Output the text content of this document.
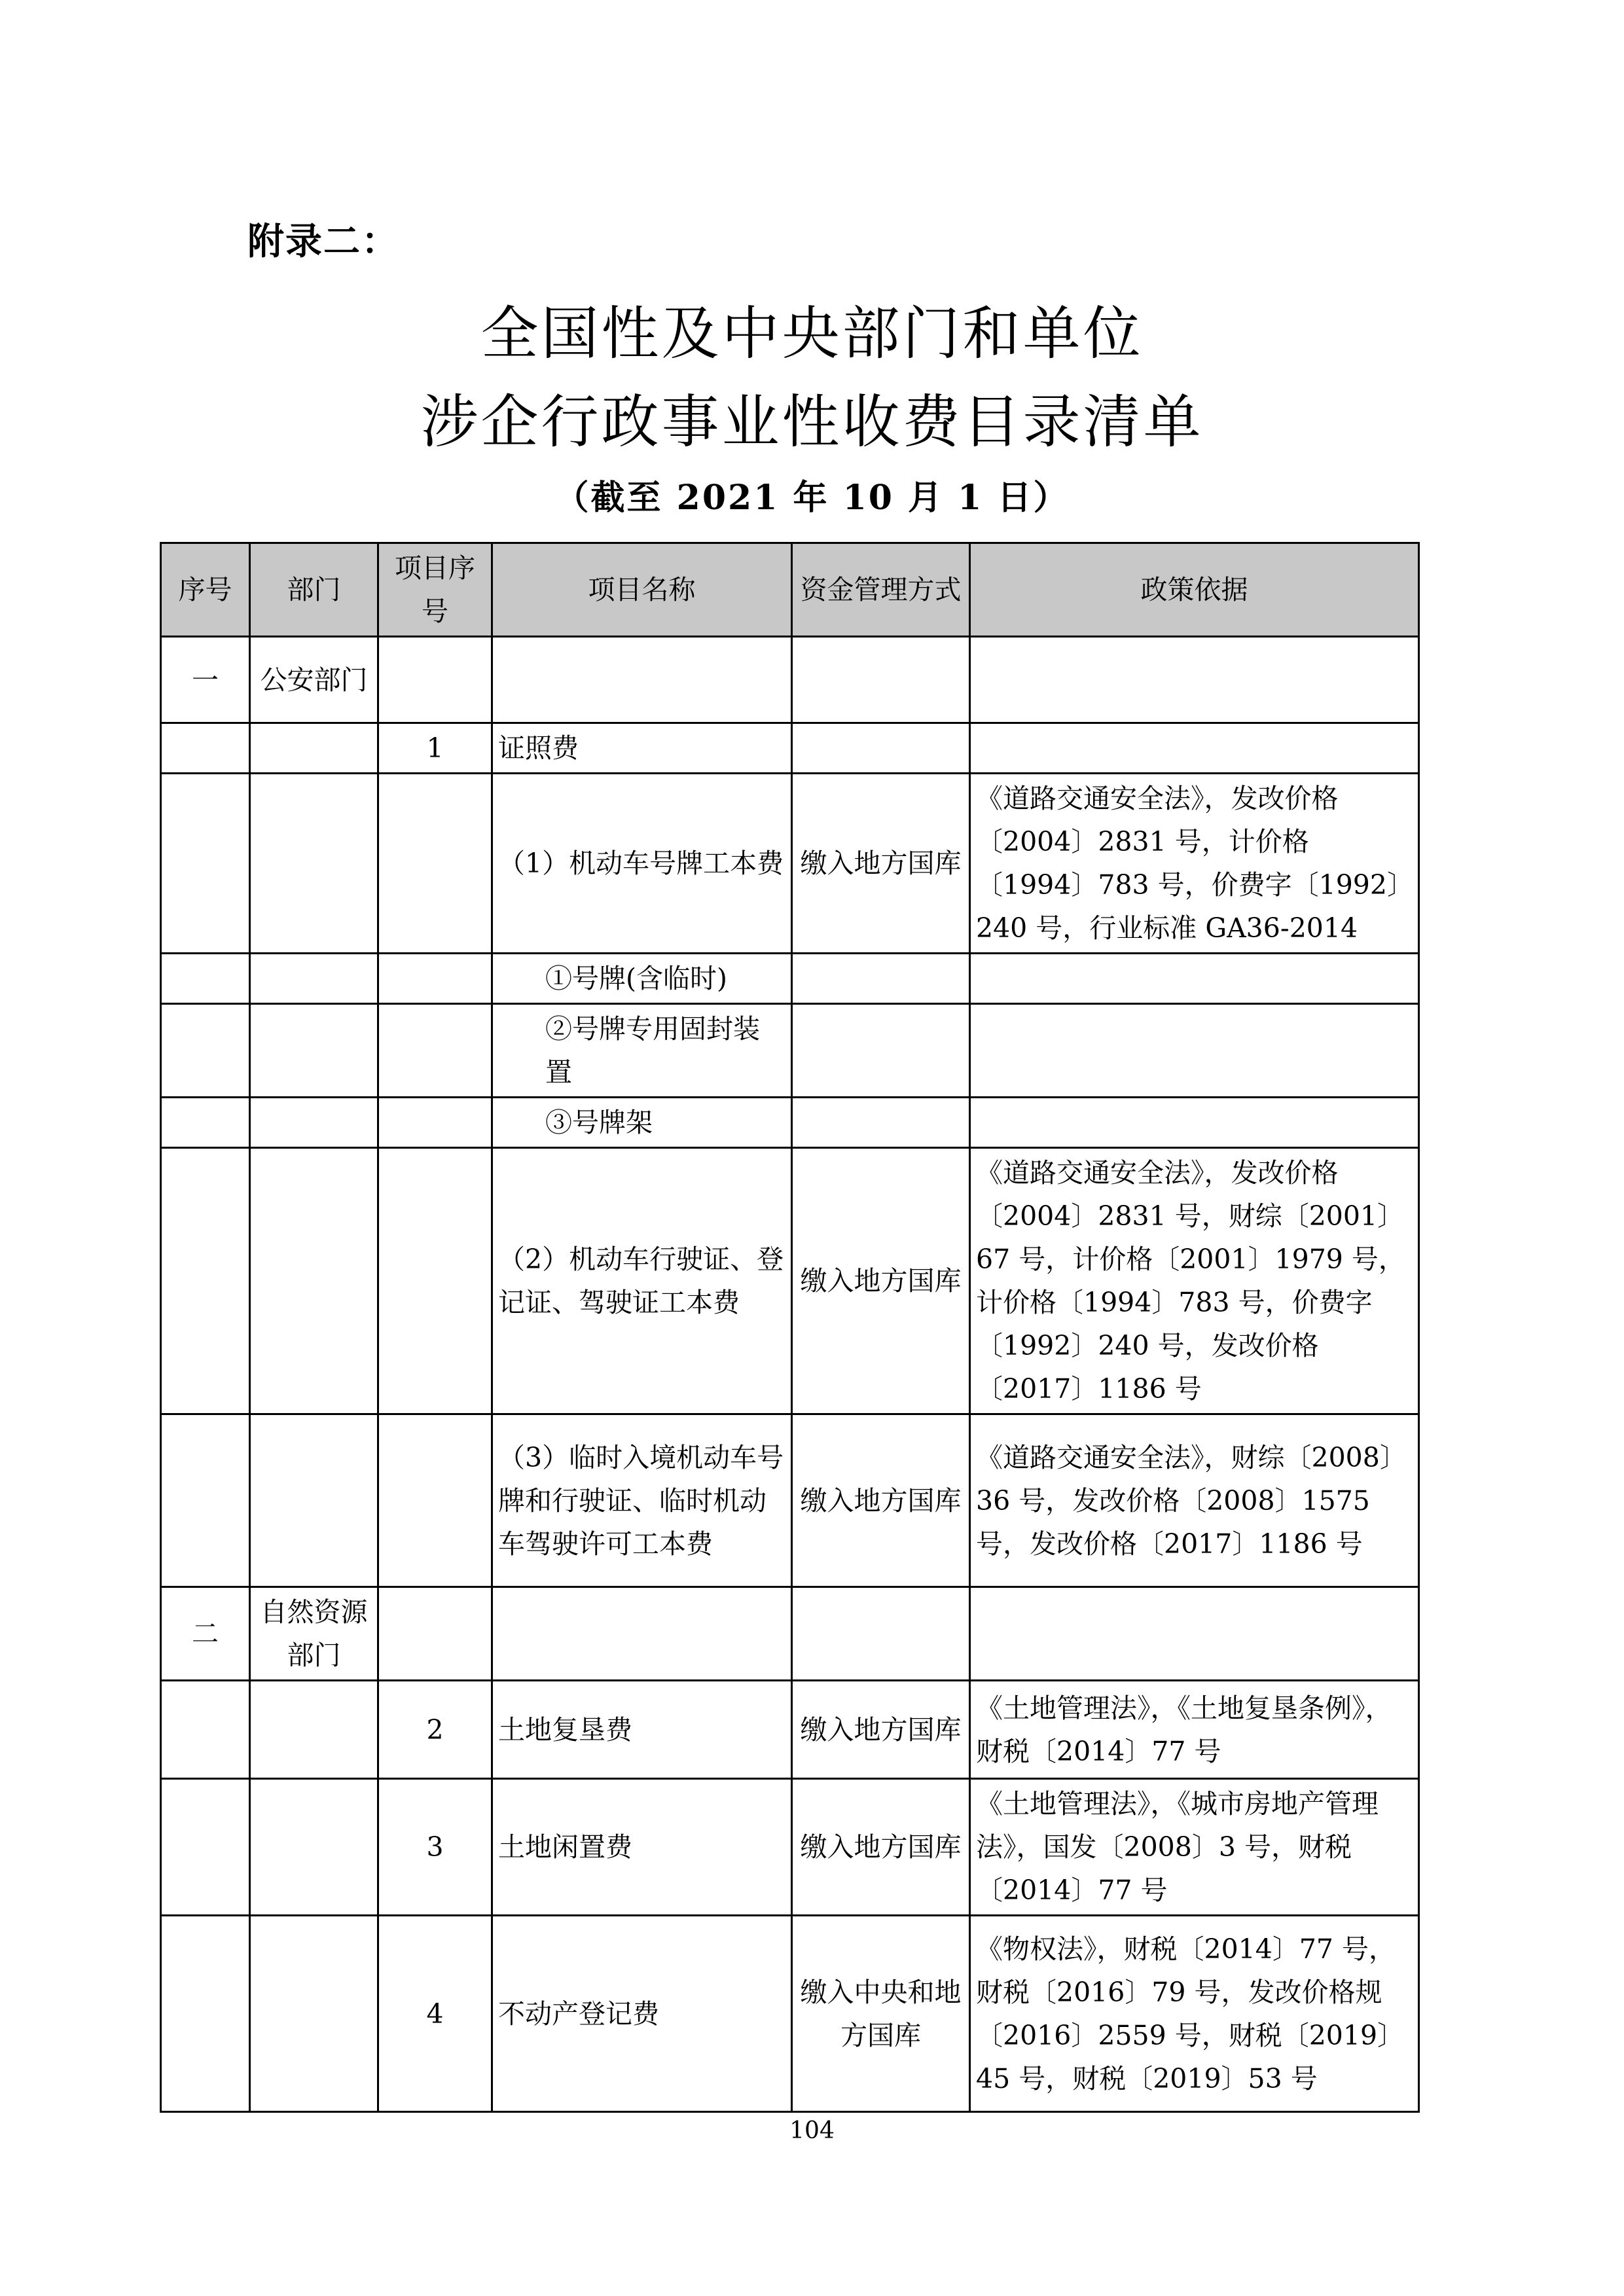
附录二：
全国性及中央部门和单位
涉企行政事业性收费目录清单
（截至 2021 年 10 月 1 日）
序号	部门	项目序号	项目名称	资金管理方式	政策依据
一	公安部门				
		1	证照费		
			（1）机动车号牌工本费	缴入地方国库	《道路交通安全法》，发改价格〔2004〕2831 号，计价格〔1994〕783 号，价费字〔1992〕240 号，行业标准 GA36-2014
			①号牌(含临时)		
			②号牌专用固封装置		
			③号牌架		
			（2）机动车行驶证、登记证、驾驶证工本费	缴入地方国库	《道路交通安全法》，发改价格〔2004〕2831 号，财综〔2001〕67 号，计价格〔2001〕1979 号，计价格〔1994〕783 号，价费字〔1992〕240 号，发改价格〔2017〕1186 号
			（3）临时入境机动车号牌和行驶证、临时机动车驾驶许可工本费	缴入地方国库	《道路交通安全法》，财综〔2008〕36 号，发改价格〔2008〕1575 号，发改价格〔2017〕1186 号
二	自然资源部门				
		2	土地复垦费	缴入地方国库	《土地管理法》，《土地复垦条例》，财税〔2014〕77 号
		3	土地闲置费	缴入地方国库	《土地管理法》，《城市房地产管理法》，国发〔2008〕3 号，财税〔2014〕77 号
		4	不动产登记费	缴入中央和地方国库	《物权法》，财税〔2014〕77 号，财税〔2016〕79 号，发改价格规〔2016〕2559 号，财税〔2019〕45 号，财税〔2019〕53 号
104
